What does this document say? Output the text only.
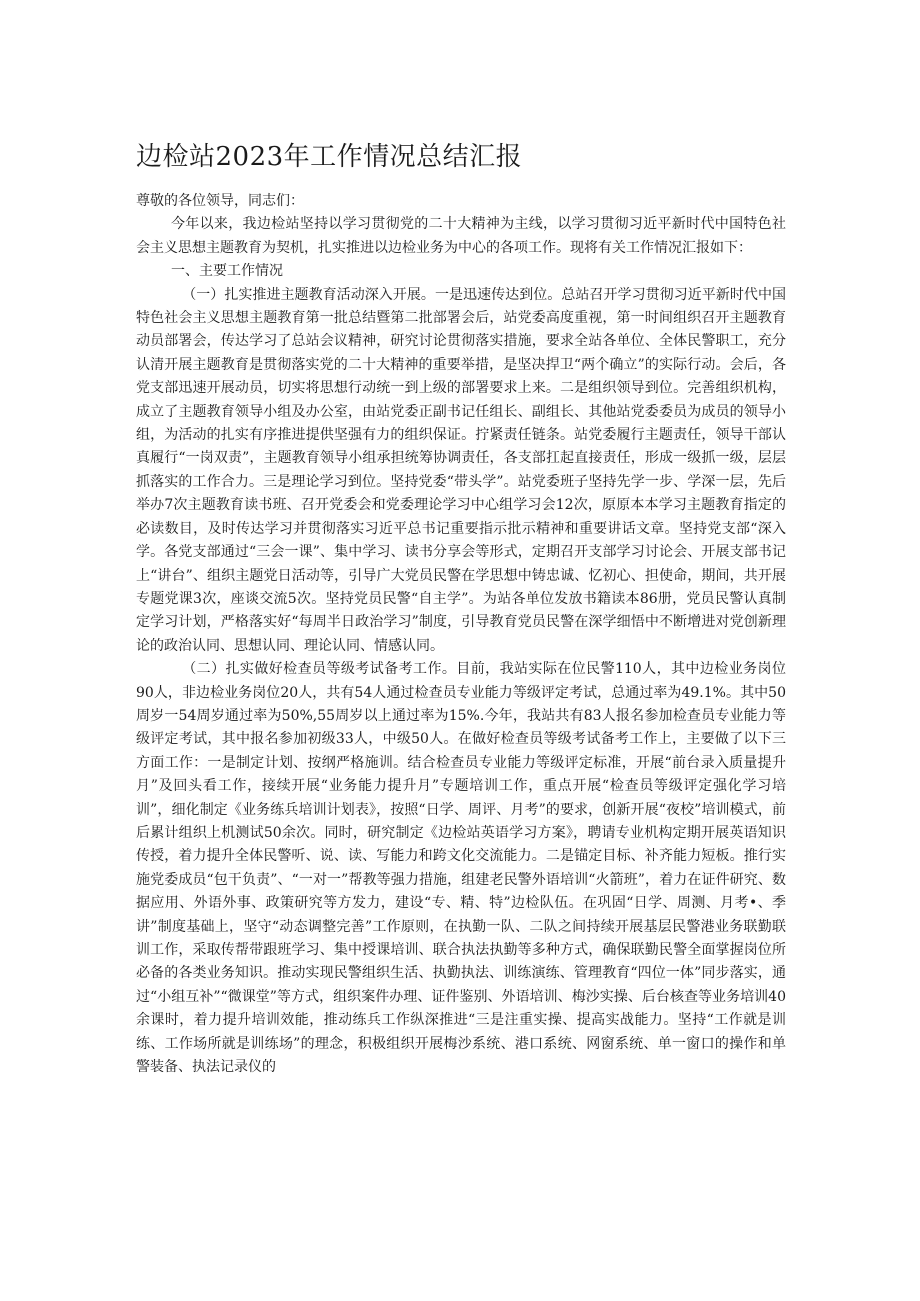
边检站2023年工作情况总结汇报

尊敬的各位领导，同志们：

今年以来，我边检站坚持以学习贯彻党的二十大精神为主线，以学习贯彻习近平新时代中国特色社会主义思想主题教育为契机，扎实推进以边检业务为中心的各项工作。现将有关工作情况汇报如下：

一、主要工作情况

（一）扎实推进主题教育活动深入开展。一是迅速传达到位。总站召开学习贯彻习近平新时代中国特色社会主义思想主题教育第一批总结暨第二批部署会后，站党委高度重视，第一时间组织召开主题教育动员部署会，传达学习了总站会议精神，研究讨论贯彻落实措施，要求全站各单位、全体民警职工，充分认清开展主题教育是贯彻落实党的二十大精神的重要举措，是坚决捍卫“两个确立”的实际行动。会后，各党支部迅速开展动员，切实将思想行动统一到上级的部署要求上来。二是组织领导到位。完善组织机构，成立了主题教育领导小组及办公室，由站党委正副书记任组长、副组长、其他站党委委员为成员的领导小组，为活动的扎实有序推进提供坚强有力的组织保证。拧紧责任链条。站党委履行主题责任，领导干部认真履行“一岗双责”，主题教育领导小组承担统筹协调责任，各支部扛起直接责任，形成一级抓一级，层层抓落实的工作合力。三是理论学习到位。坚持党委“带头学”。站党委班子坚持先学一步、学深一层，先后举办7次主题教育读书班、召开党委会和党委理论学习中心组学习会12次，原原本本学习主题教育指定的必读数目，及时传达学习并贯彻落实习近平总书记重要指示批示精神和重要讲话文章。坚持党支部“深入学。各党支部通过“三会一课”、集中学习、读书分享会等形式，定期召开支部学习讨论会、开展支部书记上“讲台”、组织主题党日活动等，引导广大党员民警在学思想中铸忠诚、忆初心、担使命，期间，共开展专题党课3次，座谈交流5次。坚持党员民警“自主学”。为站各单位发放书籍读本86册，党员民警认真制定学习计划，严格落实好“每周半日政治学习”制度，引导教育党员民警在深学细悟中不断增进对党创新理论的政治认同、思想认同、理论认同、情感认同。

（二）扎实做好检查员等级考试备考工作。目前，我站实际在位民警110人，其中边检业务岗位90人，非边检业务岗位20人，共有54人通过检查员专业能力等级评定考试，总通过率为49.1%。其中50周岁一54周岁通过率为50%,55周岁以上通过率为15%.今年，我站共有83人报名参加检查员专业能力等级评定考试，其中报名参加初级33人，中级50人。在做好检查员等级考试备考工作上，主要做了以下三方面工作：一是制定计划、按纲严格施训。结合检查员专业能力等级评定标准，开展“前台录入质量提升月”及回头看工作，接续开展“业务能力提升月”专题培训工作，重点开展“检查员等级评定强化学习培训”，细化制定《业务练兵培训计划表》，按照“日学、周评、月考”的要求，创新开展“夜校”培训模式，前后累计组织上机测试50余次。同时，研究制定《边检站英语学习方案》，聘请专业机构定期开展英语知识传授，着力提升全体民警听、说、读、写能力和跨文化交流能力。二是锚定目标、补齐能力短板。推行实施党委成员“包干负责”、“一对一”帮教等强力措施，组建老民警外语培训“火箭班”，着力在证件研究、数据应用、外语外事、政策研究等方发力，建设“专、精、特”边检队伍。在巩固“日学、周测、月考•、季讲”制度基础上，坚守“动态调整完善”工作原则，在执勤一队、二队之间持续开展基层民警港业务联勤联训工作，采取传帮带跟班学习、集中授课培训、联合执法执勤等多种方式，确保联勤民警全面掌握岗位所必备的各类业务知识。推动实现民警组织生活、执勤执法、训练演练、管理教育“四位一体”同步落实，通过“小组互补”“微课堂”等方式，组织案件办理、证件鉴别、外语培训、梅沙实操、后台核查等业务培训40余课时，着力提升培训效能，推动练兵工作纵深推进“三是注重实操、提高实战能力。坚持“工作就是训练、工作场所就是训练场”的理念，积极组织开展梅沙系统、港口系统、网窗系统、单一窗口的操作和单警装备、执法记录仪的
